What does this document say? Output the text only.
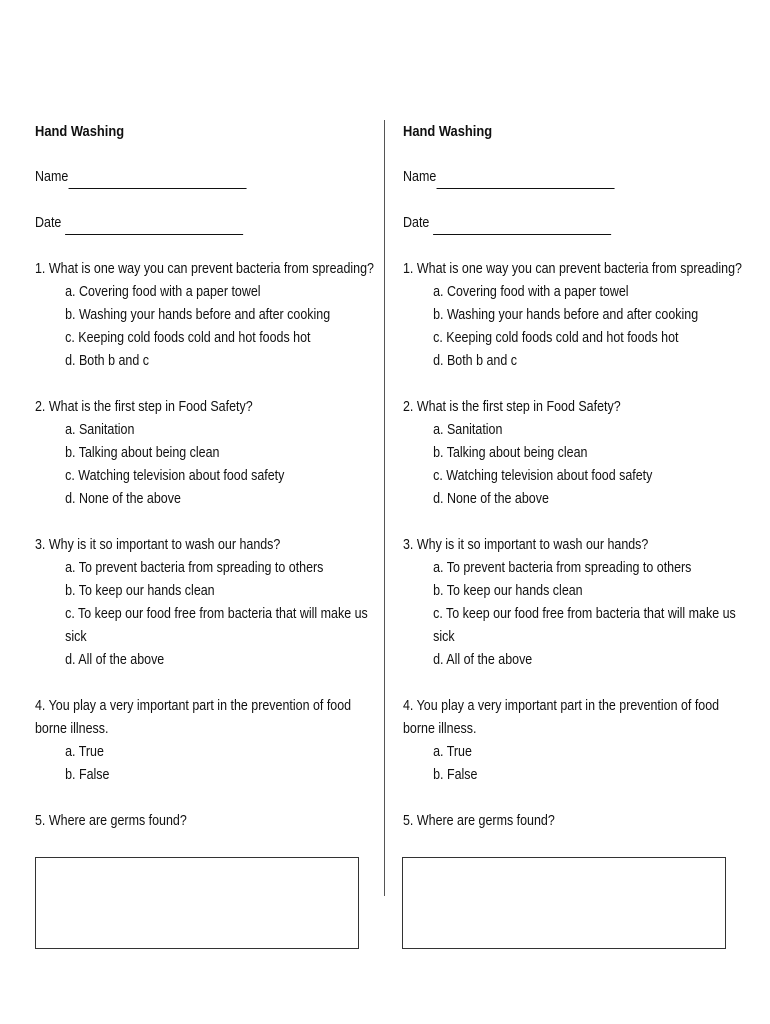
Hand Washing
Name
Date

1. What is one way you can prevent bacteria from spreading?

a. Covering food with a paper towel
b. Washing your hands before and after cooking
c. Keeping cold foods cold and hot foods hot
d. Both b and c

2. What is the first step in Food Safety?

a. Sanitation
b. Talking about being clean
c. Watching television about food safety
d. None of the above

3. Why is it so important to wash our hands?

a. To prevent bacteria from spreading to others
b. To keep our hands clean
c. To keep our food free from bacteria that will make us sick
d. All of the above

4. You play a very important part in the prevention of food borne illness.

a. True
b. False

5. Where are germs found?

Hand Washing
Name
Date

1. What is one way you can prevent bacteria from spreading?

a. Covering food with a paper towel
b. Washing your hands before and after cooking
c. Keeping cold foods cold and hot foods hot
d. Both b and c

2. What is the first step in Food Safety?

a. Sanitation
b. Talking about being clean
c. Watching television about food safety
d. None of the above

3. Why is it so important to wash our hands?

a. To prevent bacteria from spreading to others
b. To keep our hands clean
c. To keep our food free from bacteria that will make us sick
d. All of the above

4. You play a very important part in the prevention of food borne illness.

a. True
b. False

5. Where are germs found?
